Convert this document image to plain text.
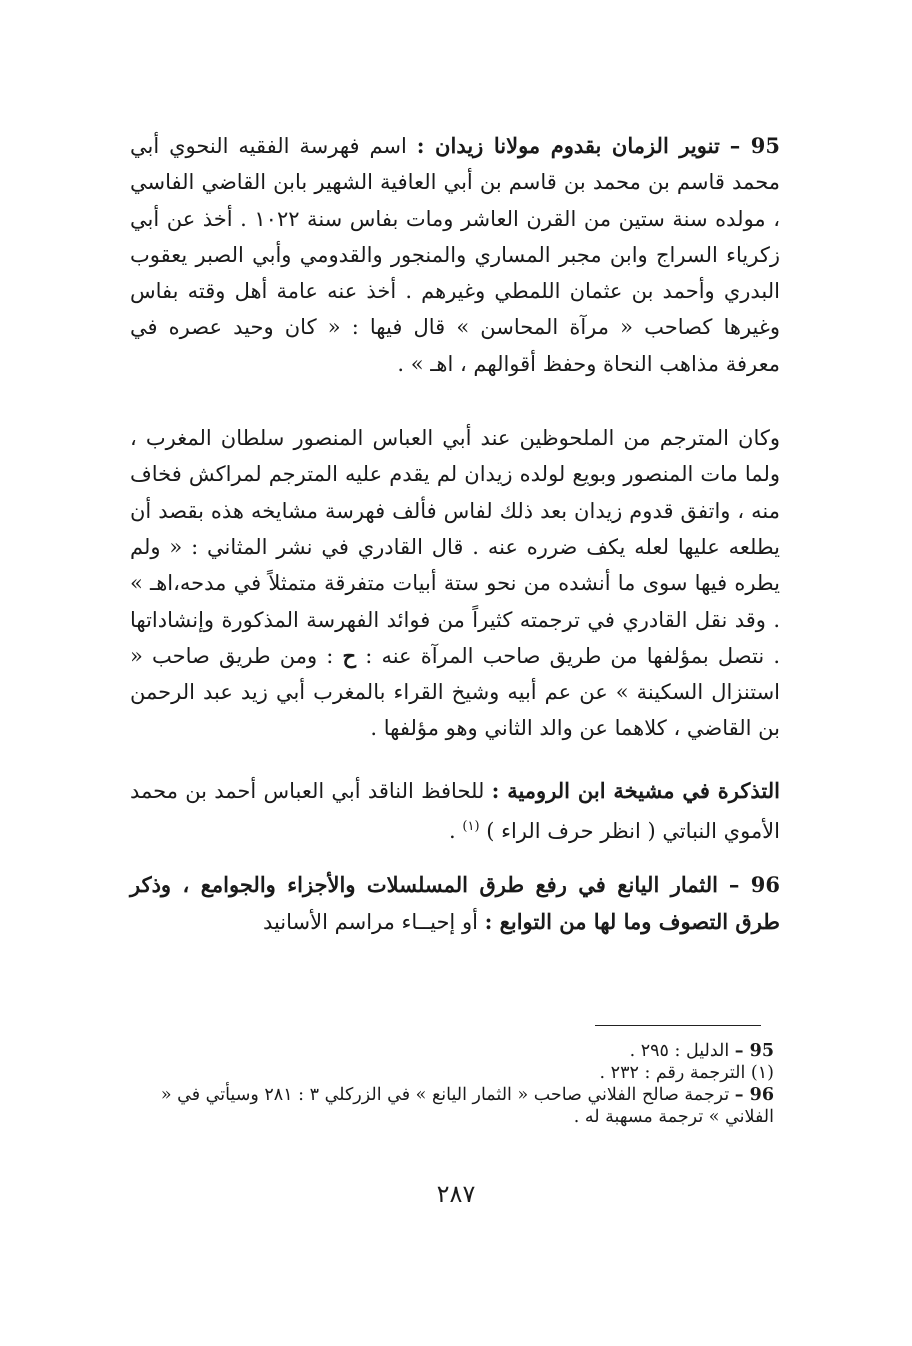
95 – تنوير الزمان بقدوم مولانا زيدان : اسم فهرسة الفقيه النحوي أبي محمد قاسم بن محمد بن قاسم بن أبي العافية الشهير بابن القاضي الفاسي ، مولده سنة ستين من القرن العاشر ومات بفاس سنة ١٠٢٢ . أخذ عن أبي زكرياء السراج وابن مجبر المساري والمنجور والقدومي وأبي الصبر يعقوب البدري وأحمد بن عثمان اللمطي وغيرهم . أخذ عنه عامة أهل وقته بفاس وغيرها كصاحب « مرآة المحاسن » قال فيها : « كان وحيد عصره في معرفة مذاهب النحاة وحفظ أقوالهم ، اهـ » .

وكان المترجم من الملحوظين عند أبي العباس المنصور سلطان المغرب ، ولما مات المنصور وبويع لولده زيدان لم يقدم عليه المترجم لمراكش فخاف منه ، واتفق قدوم زيدان بعد ذلك لفاس فألف فهرسة مشايخه هذه بقصد أن يطلعه عليها لعله يكف ضرره عنه . قال القادري في نشر المثاني : « ولم يطره فيها سوى ما أنشده من نحو ستة أبيات متفرقة متمثلاً في مدحه،اهـ » . وقد نقل القادري في ترجمته كثيراً من فوائد الفهرسة المذكورة وإنشاداتها . نتصل بمؤلفها من طريق صاحب المرآة عنه : ح : ومن طريق صاحب « استنزال السكينة » عن عم أبيه وشيخ القراء بالمغرب أبي زيد عبد الرحمن بن القاضي ، كلاهما عن والد الثاني وهو مؤلفها .

التذكرة في مشيخة ابن الرومية : للحافظ الناقد أبي العباس أحمد بن محمد الأموي النباتي ( انظر حرف الراء ) $^{(١)}$ .

96 – الثمار اليانع في رفع طرق المسلسلات والأجزاء والجوامع ، وذكر طرق التصوف وما لها من التوابع : أو إحيــاء مراسم الأسانيد

95 – الدليل : ٢٩٥ .

(١) الترجمة رقم : ٢٣٢ .

96 – ترجمة صالح الفلاني صاحب « الثمار اليانع » في الزركلي ٣ : ٢٨١ وسيأتي في « الفلاني » ترجمة مسهبة له .

٢٨٧
